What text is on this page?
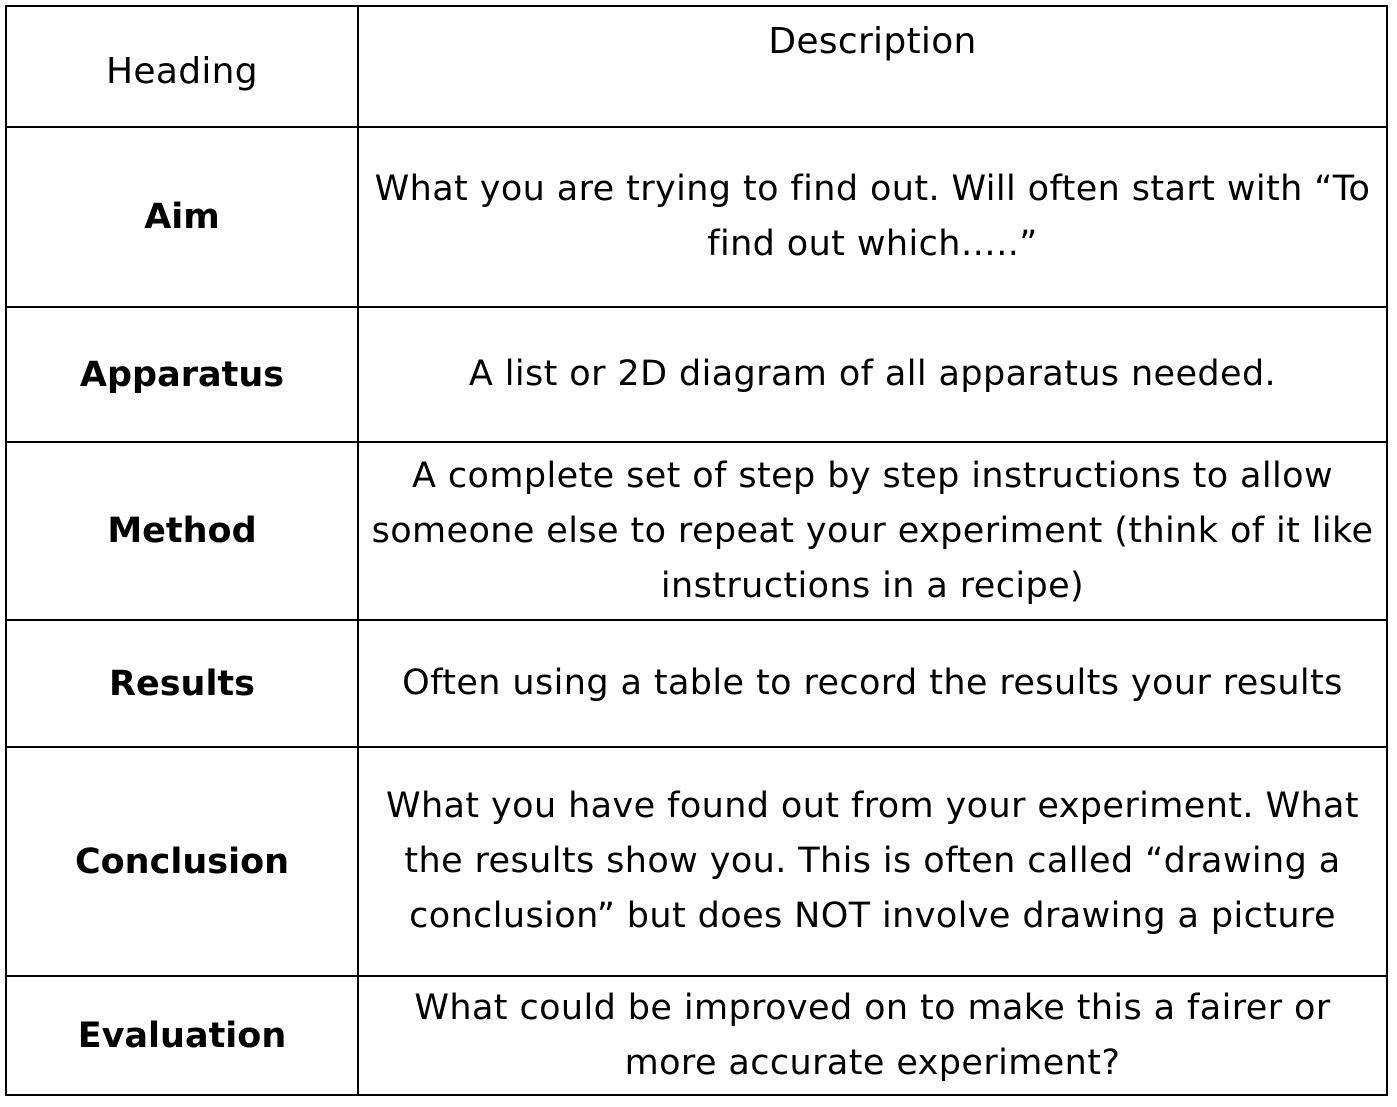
Heading	Description
Aim	What you are trying to find out. Will often start with “To find out which…..”
Apparatus	A list or 2D diagram of all apparatus needed.
Method	A complete set of step by step instructions to allow someone else to repeat your experiment (think of it like instructions in a recipe)
Results	Often using a table to record the results your results
Conclusion	What you have found out from your experiment. What the results show you. This is often called “drawing a conclusion” but does NOT involve drawing a picture
Evaluation	What could be improved on to make this a fairer or more accurate experiment?
